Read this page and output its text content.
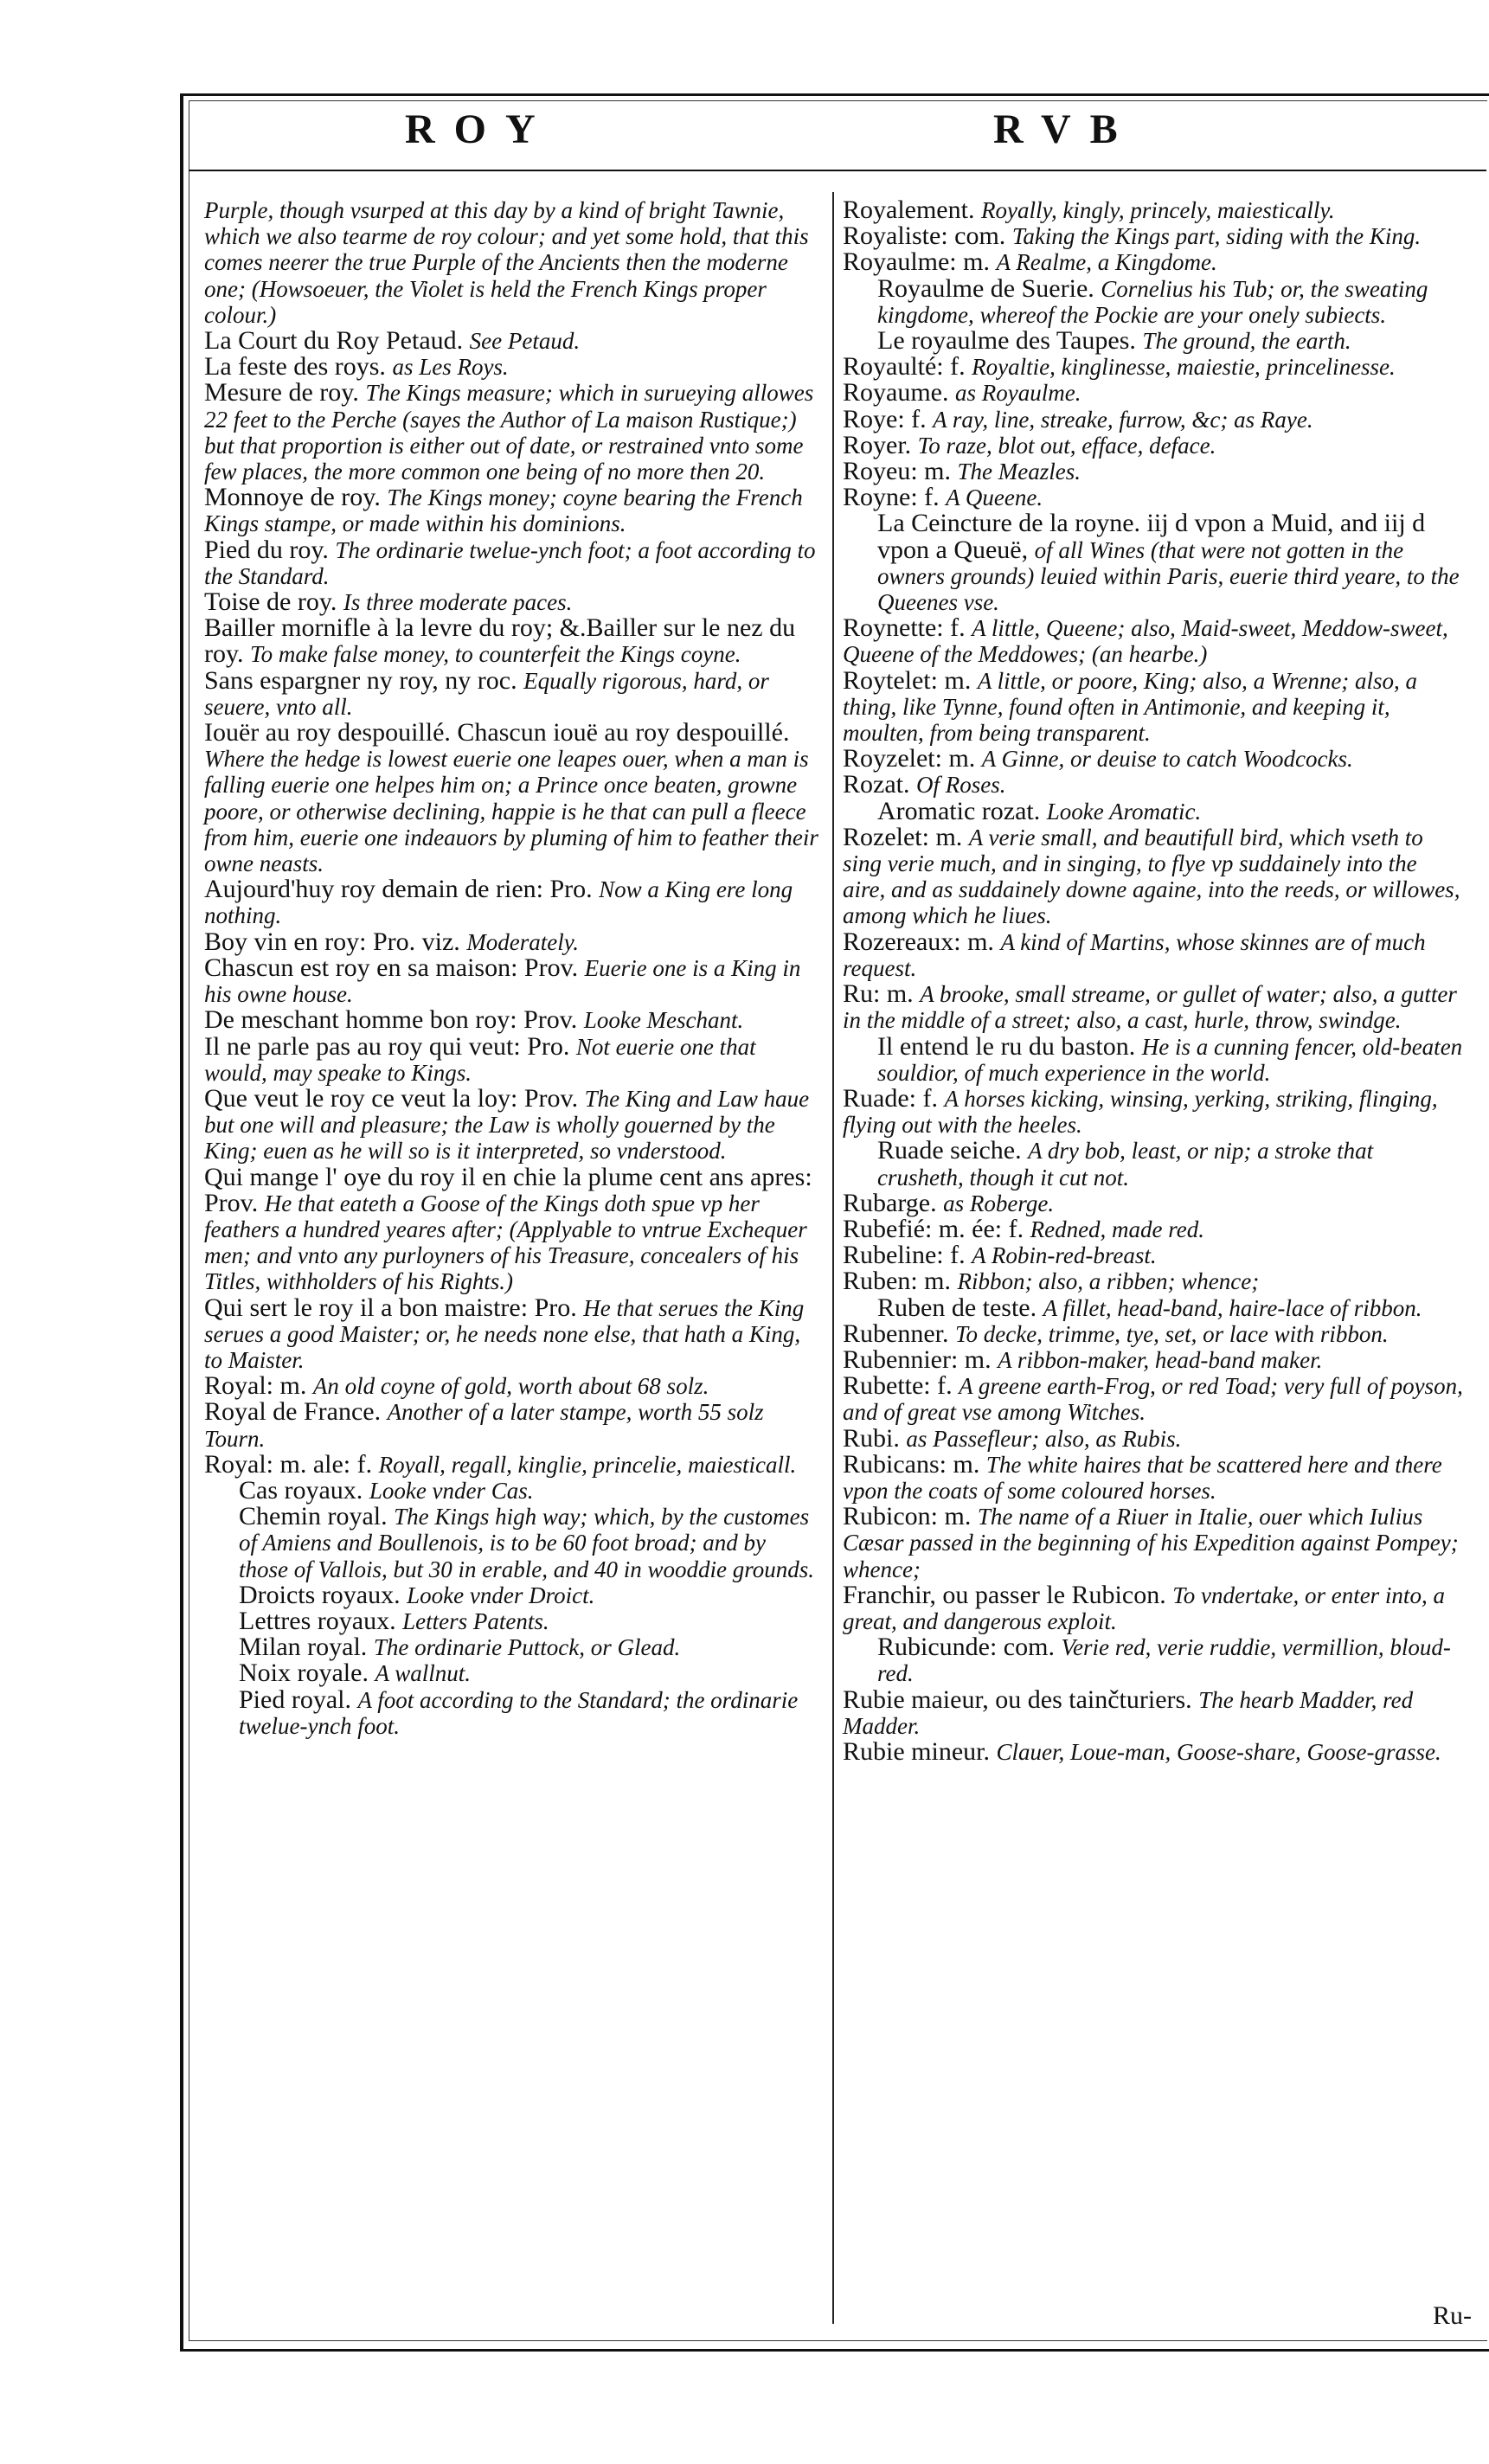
ROY	RVB

Purple, though vsurped at this day by a kind of bright Tawnie, which we also tearme de roy colour; and yet some hold, that this comes neerer the true Purple of the Ancients then the moderne one; (Howsoeuer, the Violet is held the French Kings proper colour.)

La Court du Roy Petaud. See Petaud.

La feste des roys. as Les Roys.

Mesure de roy. The Kings measure; which in surueying allowes 22 feet to the Perche (sayes the Author of La maison Rustique;) but that proportion is either out of date, or restrained vnto some few places, the more common one being of no more then 20.

Monnoye de roy. The Kings money; coyne bearing the French Kings stampe, or made within his dominions.

Pied du roy. The ordinarie twelue-ynch foot; a foot according to the Standard.

Toise de roy. Is three moderate paces.

Bailler mornifle à la levre du roy; &.Bailler sur le nez du roy. To make false money, to counterfeit the Kings coyne.

Sans espargner ny roy, ny roc. Equally rigorous, hard, or seuere, vnto all.

Iouër au roy despouillé. Chascun iouë au roy despouillé. Where the hedge is lowest euerie one leapes ouer, when a man is falling euerie one helpes him on; a Prince once beaten, growne poore, or otherwise declining, happie is he that can pull a fleece from him, euerie one indeauors by pluming of him to feather their owne neasts.

Aujourd'huy roy demain de rien: Pro. Now a King ere long nothing.

Boy vin en roy: Pro. viz. Moderately.

Chascun est roy en sa maison: Prov. Euerie one is a King in his owne house.

De meschant homme bon roy: Prov. Looke Meschant.

Il ne parle pas au roy qui veut: Pro. Not euerie one that would, may speake to Kings.

Que veut le roy ce veut la loy: Prov. The King and Law haue but one will and pleasure; the Law is wholly gouerned by the King; euen as he will so is it interpreted, so vnderstood.

Qui mange l' oye du roy il en chie la plume cent ans apres: Prov. He that eateth a Goose of the Kings doth spue vp her feathers a hundred yeares after; (Applyable to vntrue Exchequer men; and vnto any purloyners of his Treasure, concealers of his Titles, withholders of his Rights.)

Qui sert le roy il a bon maistre: Pro. He that serues the King serues a good Maister; or, he needs none else, that hath a King, to Maister.

Royal: m. An old coyne of gold, worth about 68 solz.

Royal de France. Another of a later stampe, worth 55 solz Tourn.

Royal: m. ale: f. Royall, regall, kinglie, princelie, maiesticall.

Cas royaux. Looke vnder Cas.

Chemin royal. The Kings high way; which, by the customes of Amiens and Boullenois, is to be 60 foot broad; and by those of Vallois, but 30 in erable, and 40 in wooddie grounds.

Droicts royaux. Looke vnder Droict.

Lettres royaux. Letters Patents.

Milan royal. The ordinarie Puttock, or Glead.

Noix royale. A wallnut.

Pied royal. A foot according to the Standard; the ordinarie twelue-ynch foot.

Royalement. Royally, kingly, princely, maiestically.

Royaliste: com. Taking the Kings part, siding with the King.

Royaulme: m. A Realme, a Kingdome.

Royaulme de Suerie. Cornelius his Tub; or, the sweating kingdome, whereof the Pockie are your onely subiects.

Le royaulme des Taupes. The ground, the earth.

Royaulté: f. Royaltie, kinglinesse, maiestie, princelinesse.

Royaume. as Royaulme.

Roye: f. A ray, line, streake, furrow, &c; as Raye.

Royer. To raze, blot out, efface, deface.

Royeu: m. The Meazles.

Royne: f. A Queene.

La Ceincture de la royne. iij d vpon a Muid, and iij d vpon a Queuë, of all Wines (that were not gotten in the owners grounds) leuied within Paris, euerie third yeare, to the Queenes vse.

Roynette: f. A little, Queene; also, Maid-sweet, Meddow-sweet, Queene of the Meddowes; (an hearbe.)

Roytelet: m. A little, or poore, King; also, a Wrenne; also, a thing, like Tynne, found often in Antimonie, and keeping it, moulten, from being transparent.

Royzelet: m. A Ginne, or deuise to catch Woodcocks.

Rozat. Of Roses.

Aromatic rozat. Looke Aromatic.

Rozelet: m. A verie small, and beautifull bird, which vseth to sing verie much, and in singing, to flye vp suddainely into the aire, and as suddainely downe againe, into the reeds, or willowes, among which he liues.

Rozereaux: m. A kind of Martins, whose skinnes are of much request.

Ru: m. A brooke, small streame, or gullet of water; also, a gutter in the middle of a street; also, a cast, hurle, throw, swindge.

Il entend le ru du baston. He is a cunning fencer, old-beaten souldior, of much experience in the world.

Ruade: f. A horses kicking, winsing, yerking, striking, flinging, flying out with the heeles.

Ruade seiche. A dry bob, least, or nip; a stroke that crusheth, though it cut not.

Rubarge. as Roberge.

Rubefié: m. ée: f. Redned, made red.

Rubeline: f. A Robin-red-breast.

Ruben: m. Ribbon; also, a ribben; whence;

Ruben de teste. A fillet, head-band, haire-lace of ribbon.

Rubenner. To decke, trimme, tye, set, or lace with ribbon.

Rubennier: m. A ribbon-maker, head-band maker.

Rubette: f. A greene earth-Frog, or red Toad; very full of poyson, and of great vse among Witches.

Rubi. as Passefleur; also, as Rubis.

Rubicans: m. The white haires that be scattered here and there vpon the coats of some coloured horses.

Rubicon: m. The name of a Riuer in Italie, ouer which Iulius Cæsar passed in the beginning of his Expedition against Pompey; whence;

Franchir, ou passer le Rubicon. To vndertake, or enter into, a great, and dangerous exploit.

Rubicunde: com. Verie red, verie ruddie, vermillion, bloud-red.

Rubie maieur, ou des tainčturiers. The hearb Madder, red Madder.

Rubie mineur. Clauer, Loue-man, Goose-share, Goose-grasse.

Ru-
